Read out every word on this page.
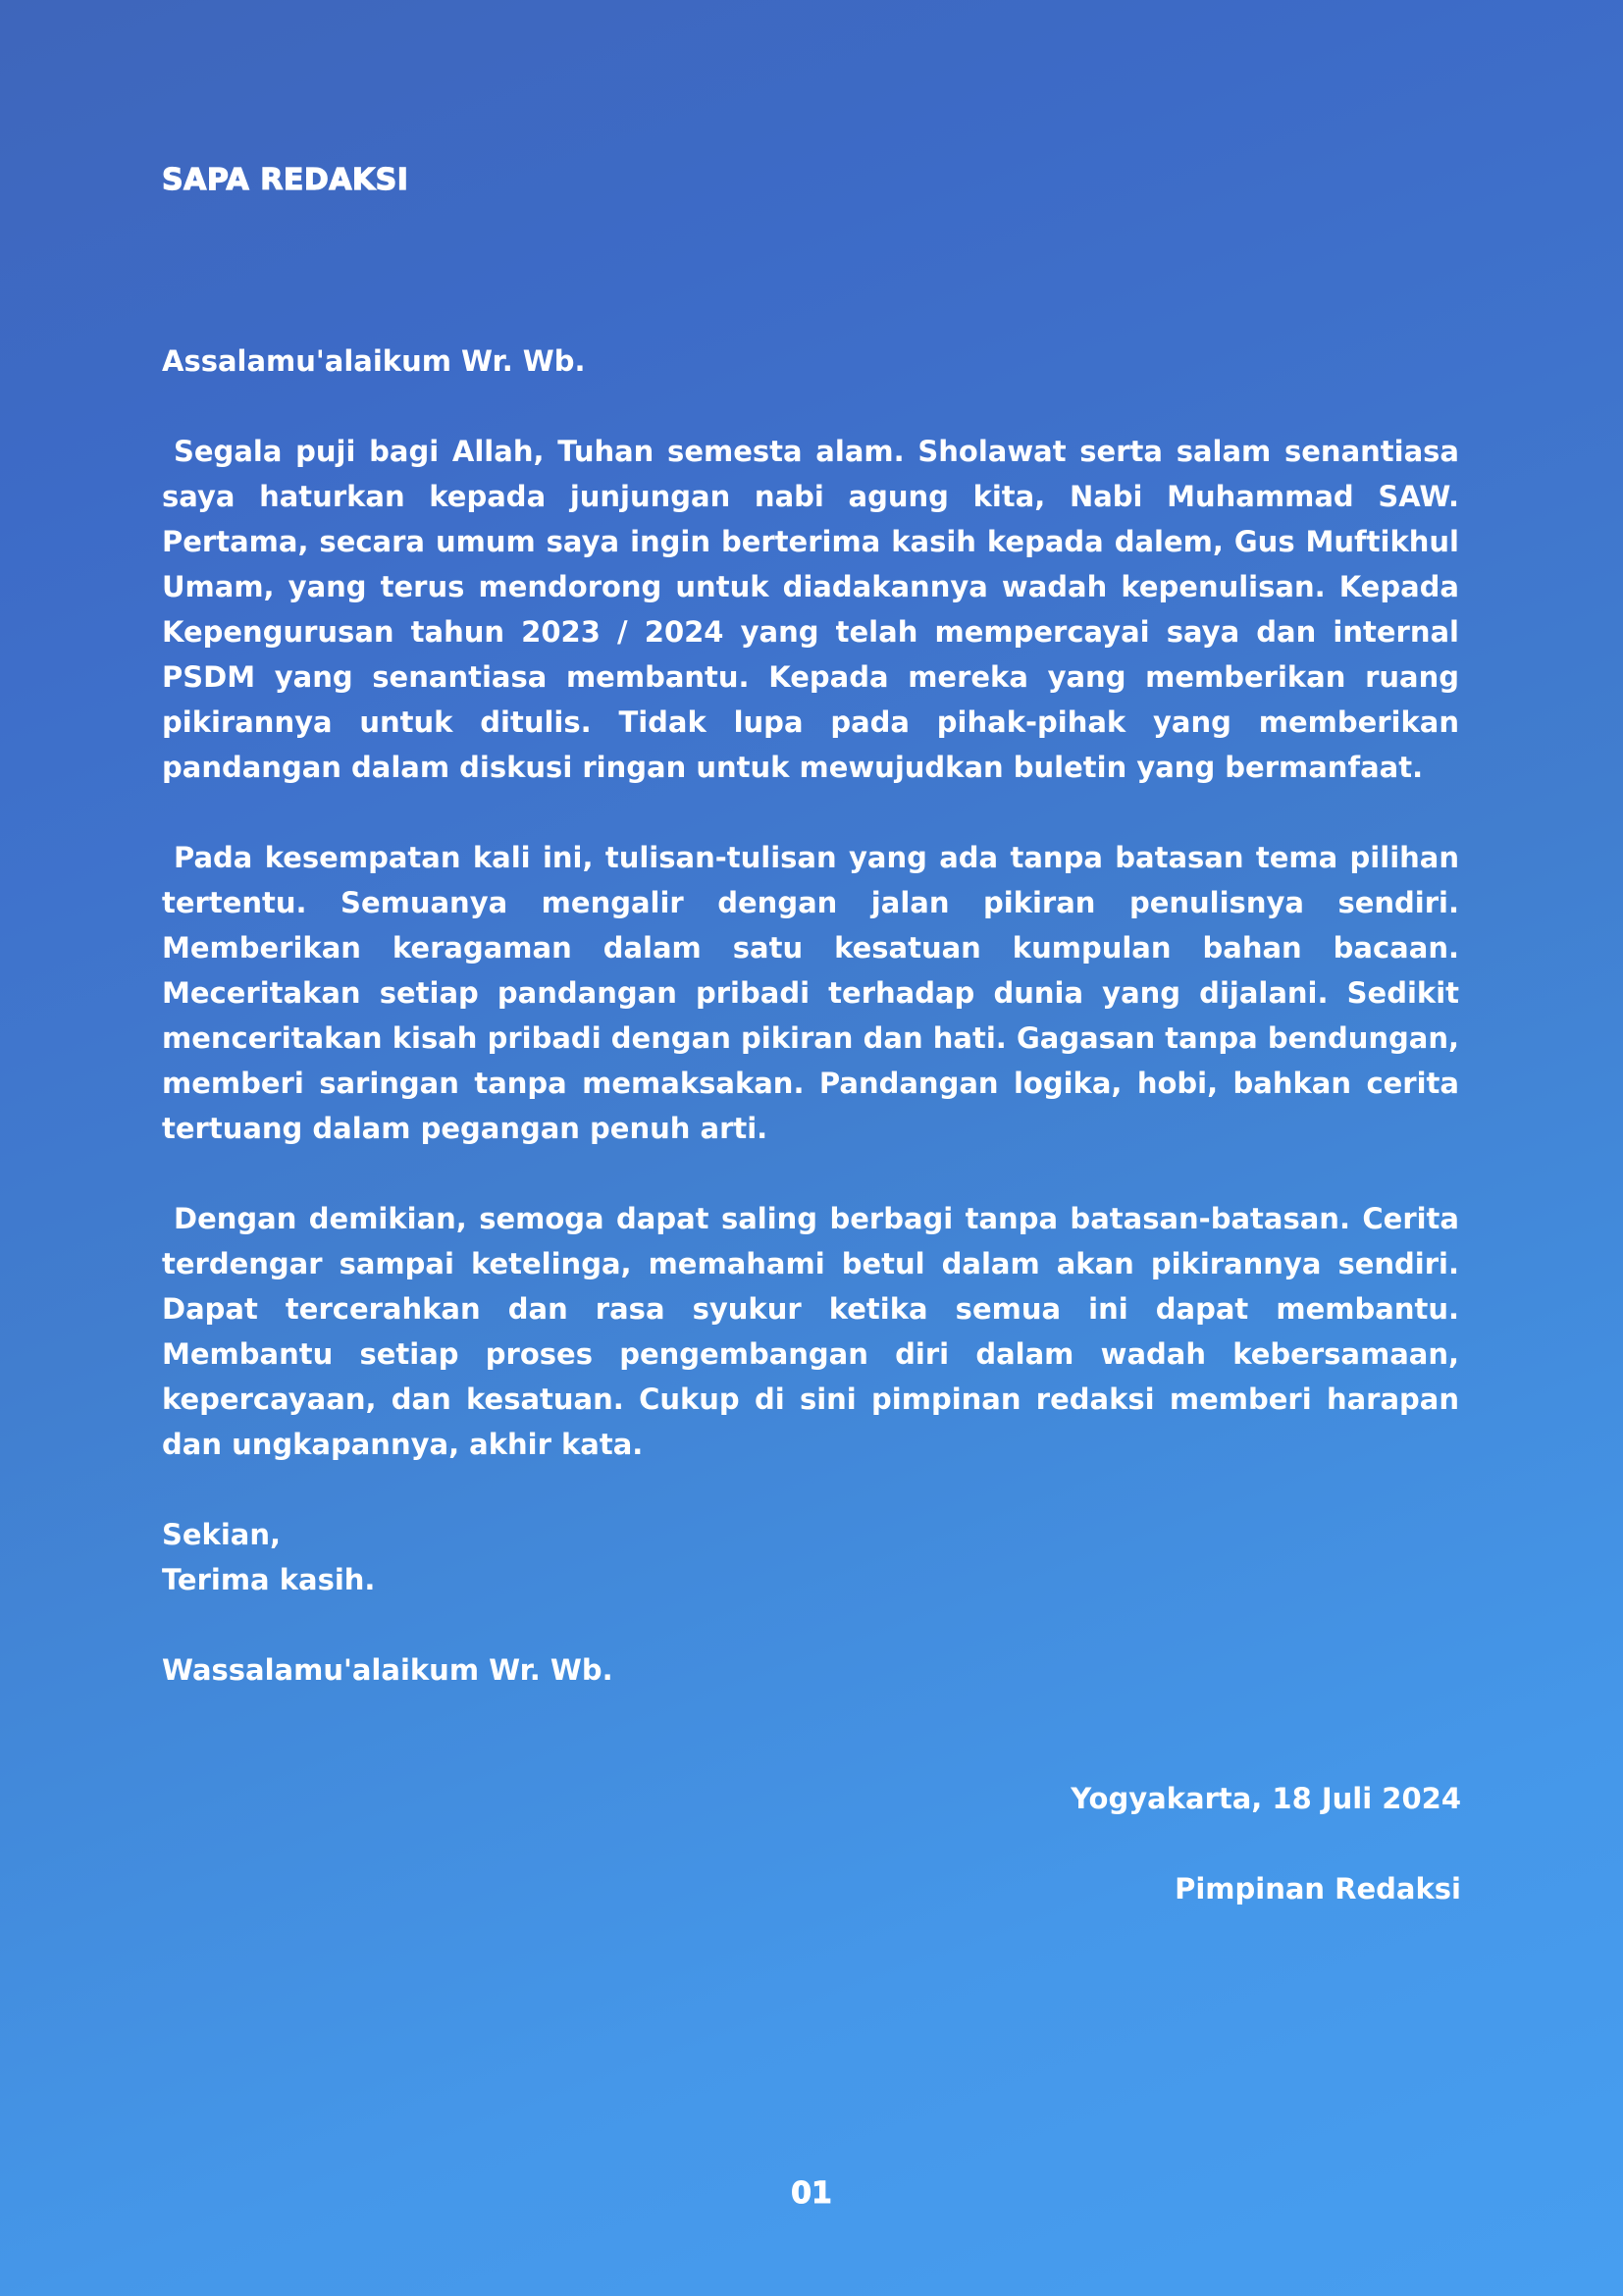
SAPA REDAKSI

Assalamu'alaikum Wr. Wb.

Segala puji bagi Allah, Tuhan semesta alam. Sholawat serta salam senantiasa saya haturkan kepada junjungan nabi agung kita, Nabi Muhammad SAW. Pertama, secara umum saya ingin berterima kasih kepada dalem, Gus Muftikhul Umam, yang terus mendorong untuk diadakannya wadah kepenulisan. Kepada Kepengurusan tahun 2023 / 2024 yang telah mempercayai saya dan internal PSDM yang senantiasa membantu. Kepada mereka yang memberikan ruang pikirannya untuk ditulis. Tidak lupa pada pihak-pihak yang memberikan pandangan dalam diskusi ringan untuk mewujudkan buletin yang bermanfaat.

Pada kesempatan kali ini, tulisan-tulisan yang ada tanpa batasan tema pilihan tertentu. Semuanya mengalir dengan jalan pikiran penulisnya sendiri. Memberikan keragaman dalam satu kesatuan kumpulan bahan bacaan. Meceritakan setiap pandangan pribadi terhadap dunia yang dijalani. Sedikit menceritakan kisah pribadi dengan pikiran dan hati. Gagasan tanpa bendungan, memberi saringan tanpa memaksakan. Pandangan logika, hobi, bahkan cerita tertuang dalam pegangan penuh arti.

Dengan demikian, semoga dapat saling berbagi tanpa batasan-batasan. Cerita terdengar sampai ketelinga, memahami betul dalam akan pikirannya sendiri. Dapat tercerahkan dan rasa syukur ketika semua ini dapat membantu. Membantu setiap proses pengembangan diri dalam wadah kebersamaan, kepercayaan, dan kesatuan. Cukup di sini pimpinan redaksi memberi harapan dan ungkapannya, akhir kata.

Sekian,

Terima kasih.

Wassalamu'alaikum Wr. Wb.

Yogyakarta, 18 Juli 2024
Pimpinan Redaksi
01
